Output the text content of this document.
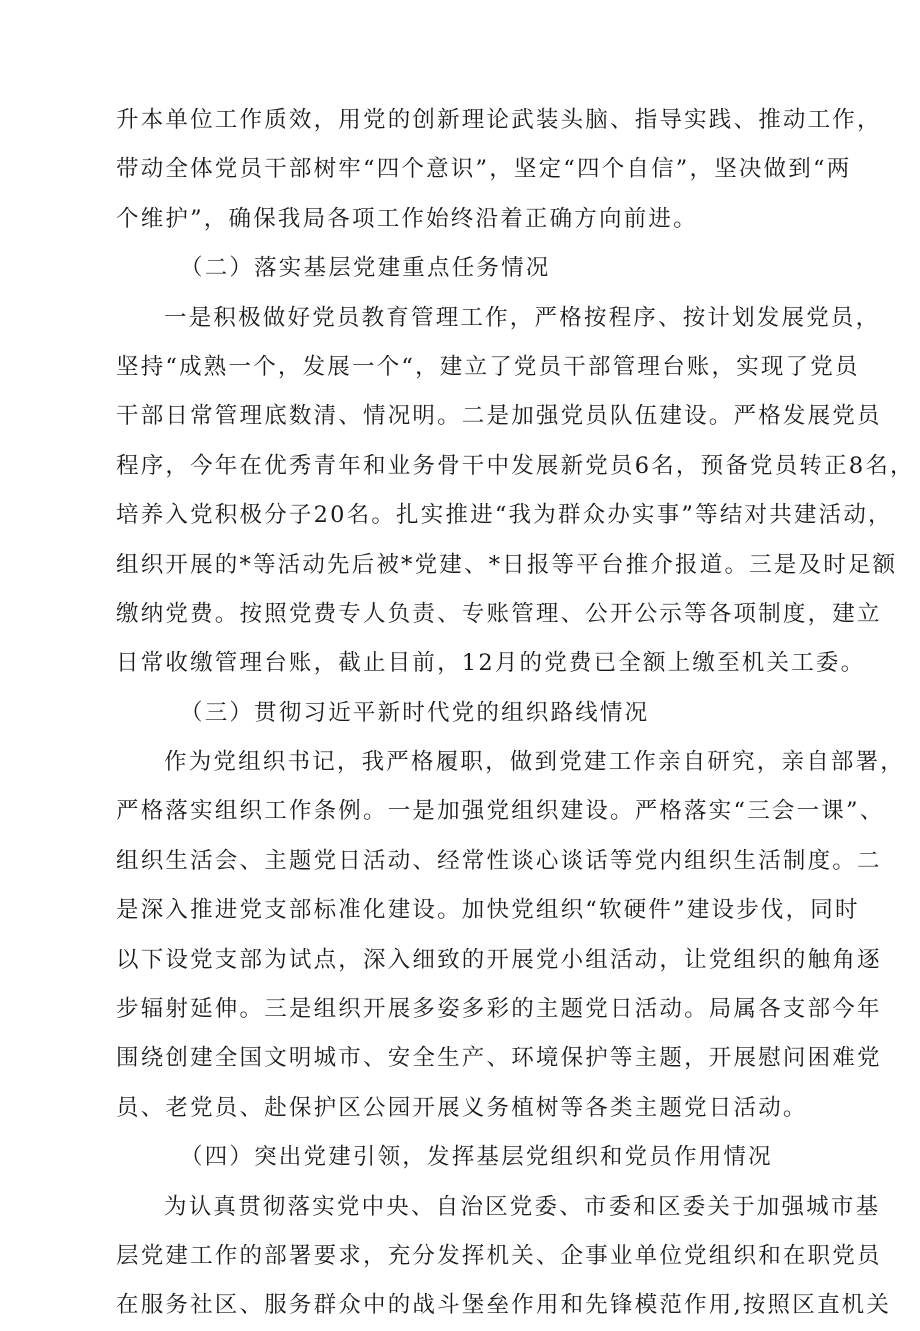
升本单位工作质效，用党的创新理论武装头脑、指导实践、推动工作，
带动全体党员干部树牢“四个意识”，坚定“四个自信”，坚决做到“两
个维护”，确保我局各项工作始终沿着正确方向前进。
（二）落实基层党建重点任务情况
一是积极做好党员教育管理工作，严格按程序、按计划发展党员，
坚持“成熟一个，发展一个“，建立了党员干部管理台账，实现了党员
干部日常管理底数清、情况明。二是加强党员队伍建设。严格发展党员
程序，今年在优秀青年和业务骨干中发展新党员6名，预备党员转正8名，
培养入党积极分子20名。扎实推进“我为群众办实事”等结对共建活动，
组织开展的*等活动先后被*党建、*日报等平台推介报道。三是及时足额
缴纳党费。按照党费专人负责、专账管理、公开公示等各项制度，建立
日常收缴管理台账，截止目前，12月的党费已全额上缴至机关工委。
（三）贯彻习近平新时代党的组织路线情况
作为党组织书记，我严格履职，做到党建工作亲自研究，亲自部署，
严格落实组织工作条例。一是加强党组织建设。严格落实“三会一课”、
组织生活会、主题党日活动、经常性谈心谈话等党内组织生活制度。二
是深入推进党支部标准化建设。加快党组织“软硬件”建设步伐，同时
以下设党支部为试点，深入细致的开展党小组活动，让党组织的触角逐
步辐射延伸。三是组织开展多姿多彩的主题党日活动。局属各支部今年
围绕创建全国文明城市、安全生产、环境保护等主题，开展慰问困难党
员、老党员、赴保护区公园开展义务植树等各类主题党日活动。
（四）突出党建引领，发挥基层党组织和党员作用情况
为认真贯彻落实党中央、自治区党委、市委和区委关于加强城市基
层党建工作的部署要求，充分发挥机关、企事业单位党组织和在职党员
在服务社区、服务群众中的战斗堡垒作用和先锋模范作用,按照区直机关
